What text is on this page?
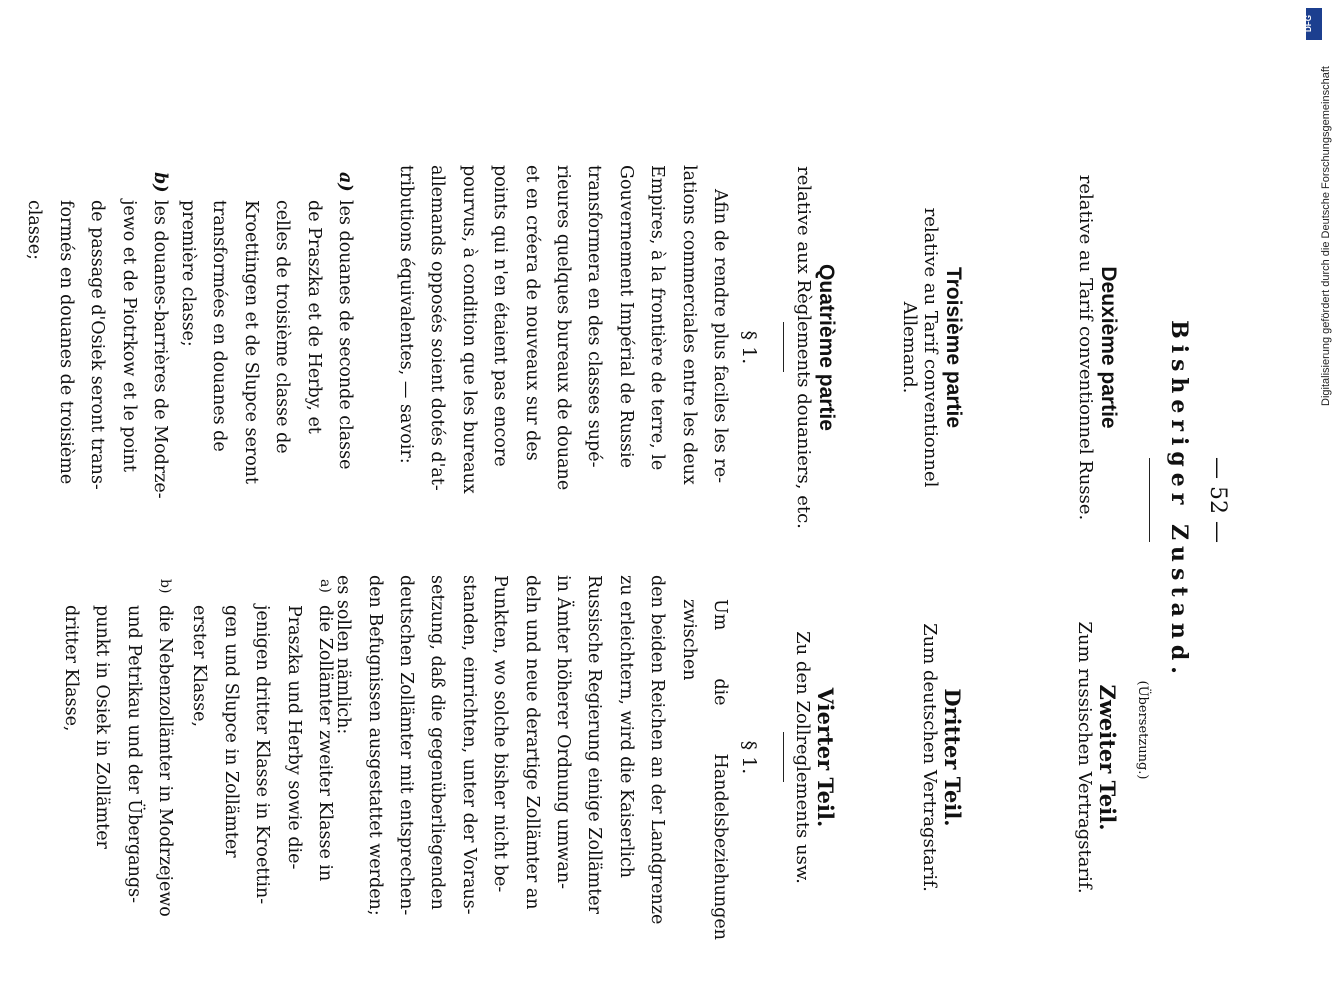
— 52 —
Bisheriger Zustand.
(Übersetzung.)
Deuxième partie
relative au Tarif conventionnel Russe.
Troisième partie
relative au Tarif conventionnel Allemand.
Quatrième partie
relative aux Règlements douaniers, etc.
§ 1.
Afin de rendre plus faciles les re-
lations commerciales entre les deux
Empires, à la frontière de terre, le
Gouvernement Impérial de Russie
transformera en des classes supé-
rieures quelques bureaux de douane
et en créera de nouveaux sur des
points qui n'en étaient pas encore
pourvus, à condition que les bureaux
allemands opposés soient dotés d'at-
tributions équivalentes, — savoir:
a)
les douanes de seconde classe
de Praszka et de Herby, et
celles de troisième classe de
Kroettingen et de Slupce seront
transformées en douanes de
première classe;
b)
les douanes-barrières de Modrze-
jewo et de Piotrkow et le point
de passage d'Osiek seront trans-
formés en douanes de troisième
classe;
Zweiter Teil.
Zum russischen Vertragstarif.
Dritter Teil.
Zum deutschen Vertragstarif.
Vierter Teil.
Zu den Zollreglements usw.
§ 1.
Um die Handelsbeziehungen zwischen
den beiden Reichen an der Landgrenze
zu erleichtern, wird die Kaiserlich
Russische Regierung einige Zollämter
in Ämter höherer Ordnung umwan-
deln und neue derartige Zollämter an
Punkten, wo solche bisher nicht be-
standen, einrichten, unter der Voraus-
setzung, daß die gegenüberliegenden
deutschen Zollämter mit entsprechen-
den Befugnissen ausgestattet werden;
es sollen nämlich:
a)
die Zollämter zweiter Klasse in
Praszka und Herby sowie die-
jenigen dritter Klasse in Kroettin-
gen und Slupce in Zollämter
erster Klasse,
b)
die Nebenzollämter in Modrzejewo
und Petrikau und der Übergangs-
punkt in Osiek in Zollämter
dritter Klasse,
Digitalisierung gefördert durch die Deutsche Forschungsgemeinschaft
DFG
